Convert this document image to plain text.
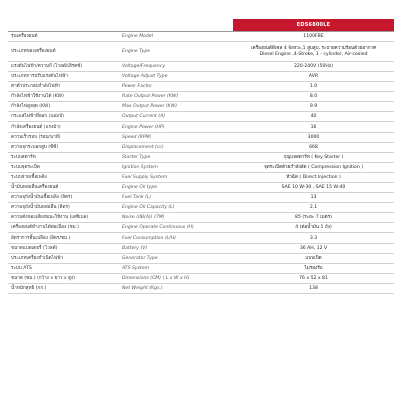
EDS6800LE
รุ่นเครื่องยนต์	Engine Model	1100FBE
ประเภทของเครื่องยนต์	Engine Type	เครื่องยนต์ดีเซล 4 จังหวะ,1 สูบสูบ, ระบายความร้อนด้วยอากาศ
Diesel Engine ,4-Stroke, 1 - cylinder, Air-cooled
แรงดันไฟฟ้า/ความถี่ (โวลต์/เฮิรตซ์)	Voltage/Frequency	220-240V (50Hz)
ประเภทการปรับแรงดันไฟฟ้า	Voltage Adjust Type	AVR
ค่าตัวประกอบกำลังไฟฟ้า	Power Factor	1.0
กำลังไฟฟ้าใช้งานได้ (KW)	Rate Output Power (KW)	8.0
กำลังไฟสูงสุด (KW)	Max Output Power (KW)	9.9
กระแสไฟฟ้าที่ออก (แอมป์)	Output Current (A)	40
กำลังเครื่องยนต์ (แรงม้า)	Engine Power (HP)	16
ความเร็วรอบ (รอบ/นาที)	Speed (RPM)	3000
ความจุกระบอกสูบ (ซีซี)	Displacement (cc)	668
ระบบสตาร์ท	Starter Type	กุญแจสตาร์ท ( Key Starter )
ระบบจุดระเบิด	Ignition System	จุดระเบิดด้วยกำลังอัด ( Compression Ignition )
ระบบจ่ายเชื้อเพลิง	Fuel Supply System	หัวฉีด ( Direct Injection )
น้ำมันหล่อลื่นเครื่องยนต์	Engine Oil type	SAE 10 W-30 , SAE 15 W-40
ความจุถังน้ำมันเชื้อเพลิง (ลิตร)	Fuel Tank (L)	13
ความจุถังน้ำมันหล่อลื่น (ลิตร)	Engine Oil Capacity (L)	2.1
ความดังของเสียงขณะใช้งาน (เดซิเบล)	Noise (dB(A)) (7M)	85 (ระยะ 7 เมตร)
เครื่องยนต์ทำงานได้ต่อเนื่อง (ชม.)	Engine Operate Continuous (H)	4 (ต่อน้ำมัน 1 ถัง)
อัตราการสิ้นเปลือง (ลิตร/ชม.)	Fuel Consumption (L/H)	3.3
ขนาดแบตเตอรี่ (โวลต์)	Battery (V)	36 AH, 12 V
ประเภทเครื่องกำเนิดไฟฟ้า	Generator Type	แบบเปิด
ระบบ ATS	ATS System	ไม่รองรับ
ขนาด (ซม.) (กว้าง x ยาว x สูง)	Dimensions (CM) ( L x W x H)	76 x 52 x 81
น้ำหนักสุทธิ (กก.)	Net Weight (Kgs.)	138
